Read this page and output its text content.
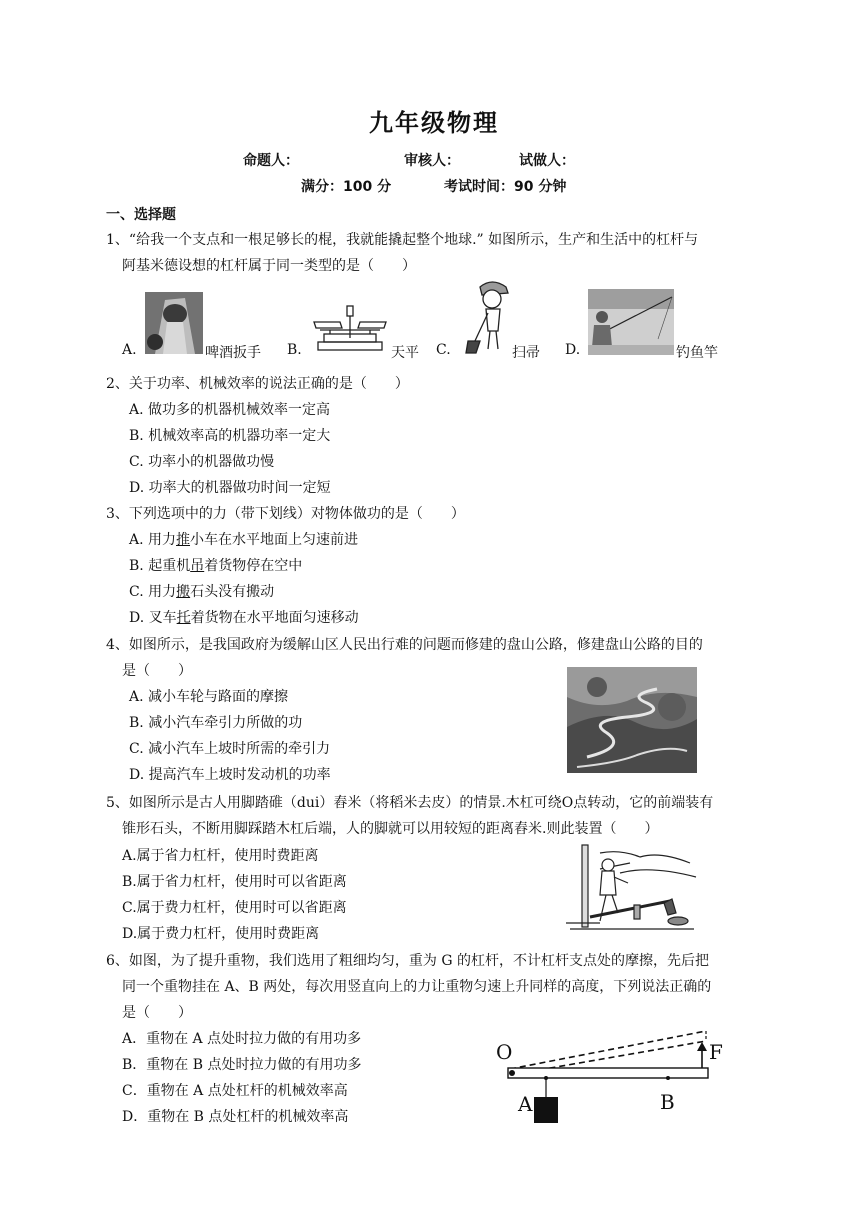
九年级物理
命题人：	审核人：	试做人：
满分：100 分	考试时间：90 分钟
一、选择题
1、“给我一个支点和一根足够长的棍，我就能撬起整个地球.” 如图所示，生产和生活中的杠杆与
阿基米德设想的杠杆属于同一类型的是（　　）
A.	啤酒扳手 B.	天平 C.	扫帚 D.	钓鱼竿
2、关于功率、机械效率的说法正确的是（　　）
A. 做功多的机器机械效率一定高
B. 机械效率高的机器功率一定大
C. 功率小的机器做功慢
D. 功率大的机器做功时间一定短
3、下列选项中的力（带下划线）对物体做功的是（　　）
A. 用力推小车在水平地面上匀速前进
B. 起重机吊着货物停在空中
C. 用力搬石头没有搬动
D. 叉车托着货物在水平地面匀速移动
4、如图所示，是我国政府为缓解山区人民出行难的问题而修建的盘山公路，修建盘山公路的目的
是（　　）
A. 减小车轮与路面的摩擦
B. 减小汽车牵引力所做的功
C. 减小汽车上坡时所需的牵引力
D. 提高汽车上坡时发动机的功率
5、如图所示是古人用脚踏碓（dui）舂米（将稻米去皮）的情景.木杠可绕O点转动，它的前端装有
锥形石头，不断用脚踩踏木杠后端，人的脚就可以用较短的距离舂米.则此装置（　　）
A.属于省力杠杆，使用时费距离
B.属于省力杠杆，使用时可以省距离
C.属于费力杠杆，使用时可以省距离
D.属于费力杠杆，使用时费距离
6、如图，为了提升重物，我们选用了粗细均匀，重为 G 的杠杆，不计杠杆支点处的摩擦，先后把
同一个重物挂在 A、B 两处，每次用竖直向上的力让重物匀速上升同样的高度，下列说法正确的
是（　　）
A．重物在 A 点处时拉力做的有用功多
B．重物在 B 点处时拉力做的有用功多
C．重物在 A 点处杠杆的机械效率高
D．重物在 B 点处杠杆的机械效率高
O	F
A	B
